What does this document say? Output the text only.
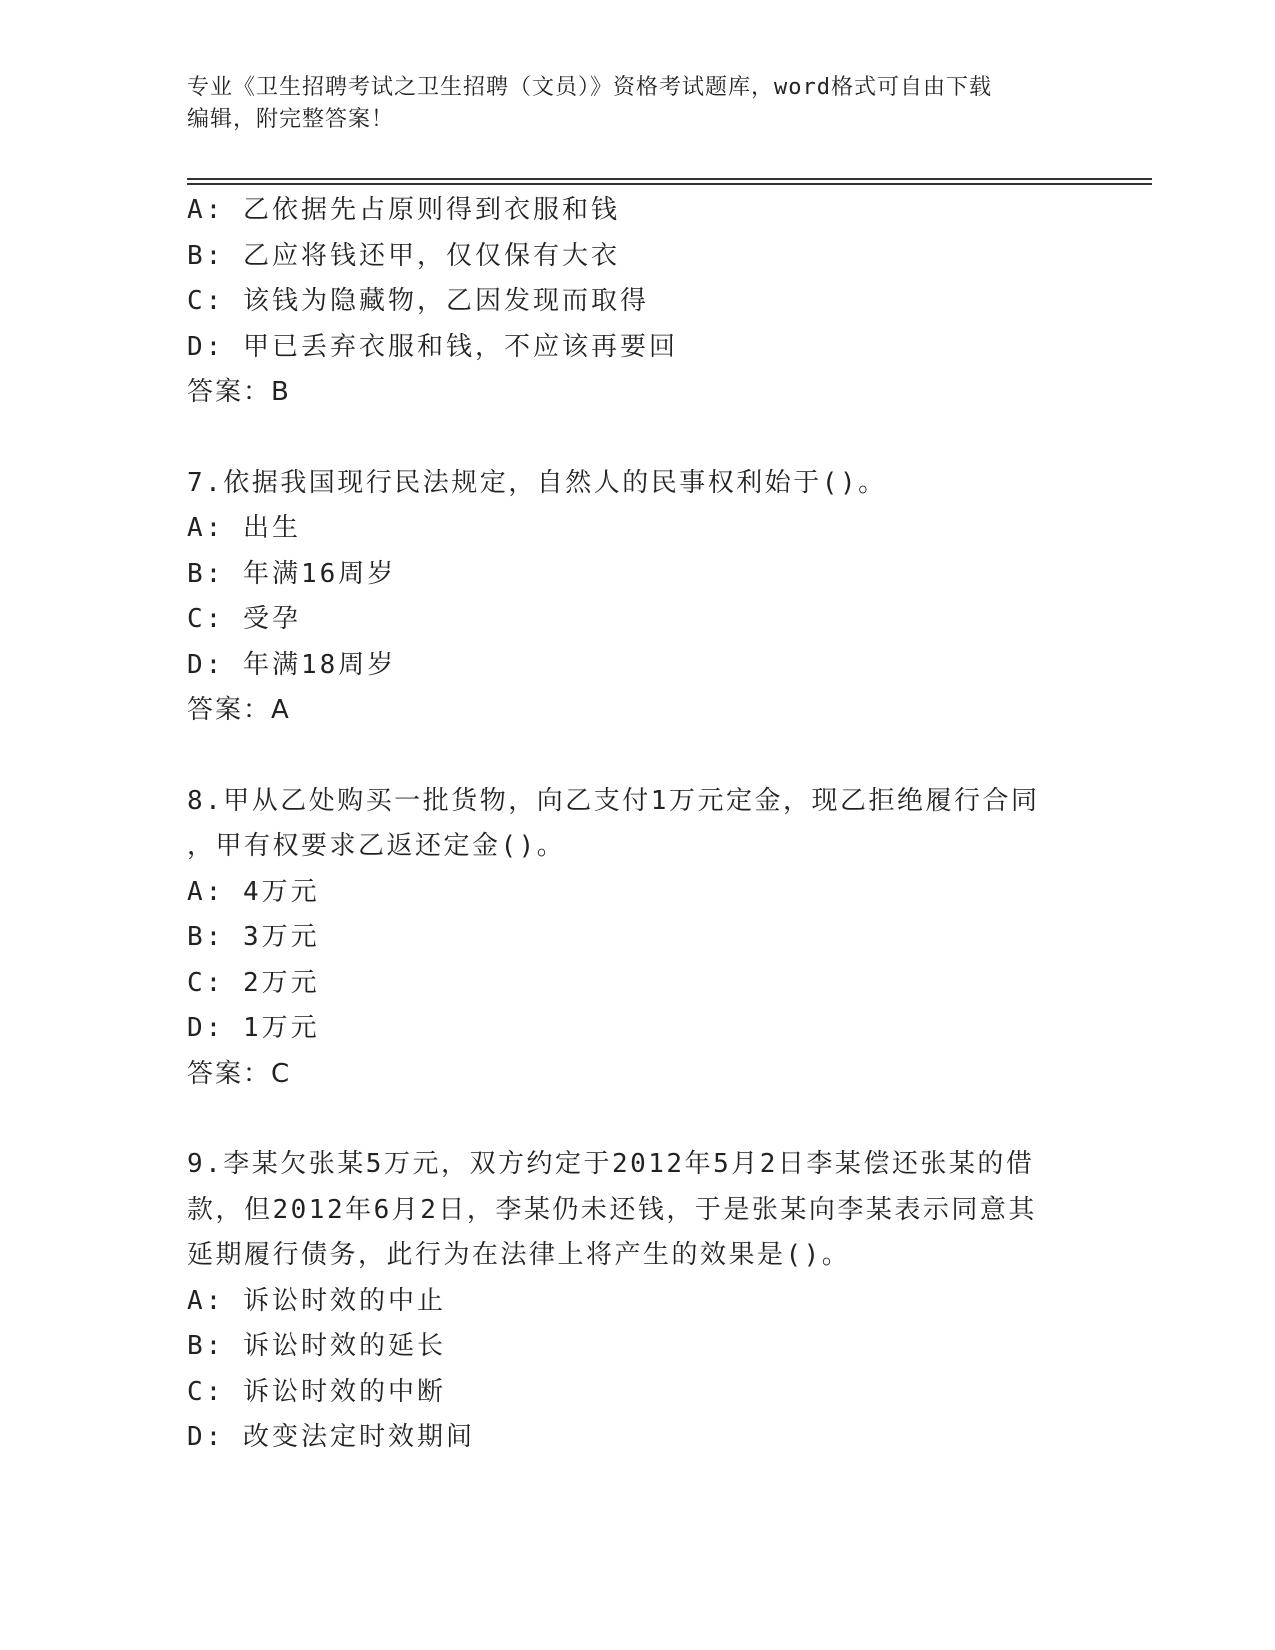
专业《卫生招聘考试之卫生招聘（文员）》资格考试题库，word格式可自由下载
编辑，附完整答案！
A: 乙依据先占原则得到衣服和钱
B: 乙应将钱还甲，仅仅保有大衣
C: 该钱为隐藏物，乙因发现而取得
D: 甲已丢弃衣服和钱，不应该再要回
答案：B
7.依据我国现行民法规定，自然人的民事权利始于()。
A: 出生
B: 年满16周岁
C: 受孕
D: 年满18周岁
答案：A
8.甲从乙处购买一批货物，向乙支付1万元定金，现乙拒绝履行合同
，甲有权要求乙返还定金()。
A: 4万元
B: 3万元
C: 2万元
D: 1万元
答案：C
9.李某欠张某5万元，双方约定于2012年5月2日李某偿还张某的借
款，但2012年6月2日，李某仍未还钱，于是张某向李某表示同意其
延期履行债务，此行为在法律上将产生的效果是()。
A: 诉讼时效的中止
B: 诉讼时效的延长
C: 诉讼时效的中断
D: 改变法定时效期间
